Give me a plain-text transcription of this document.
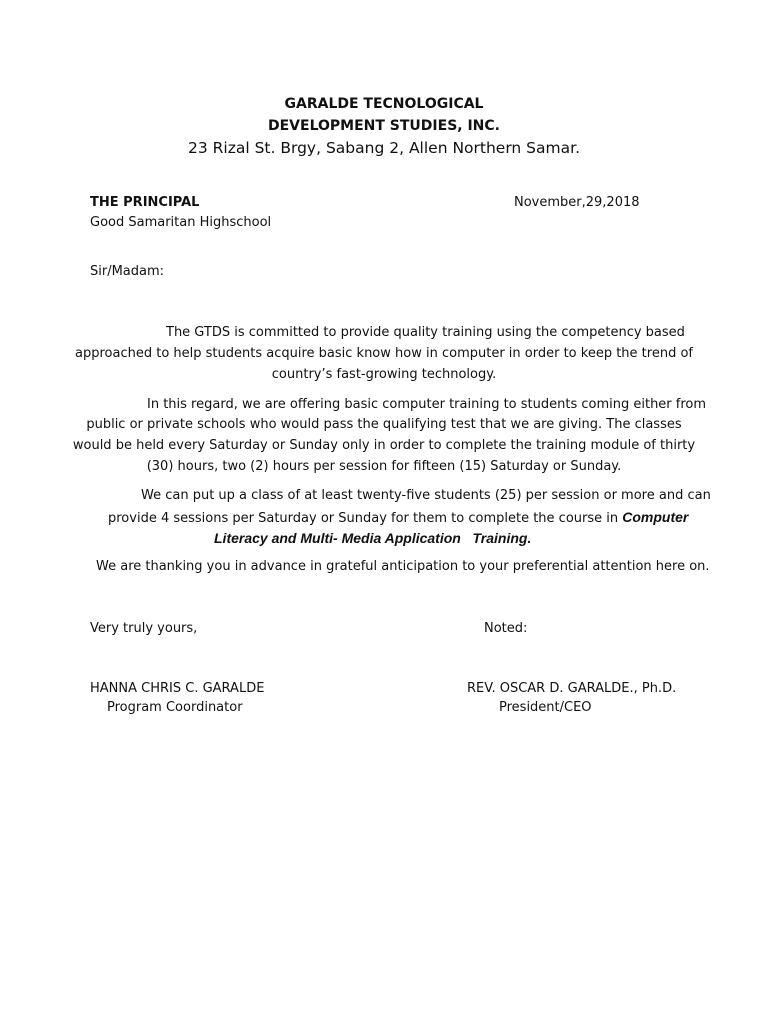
GARALDE TECNOLOGICAL
DEVELOPMENT STUDIES, INC.
23 Rizal St. Brgy, Sabang 2, Allen Northern Samar.
THE PRINCIPAL	November,29,2018
Good Samaritan Highschool
Sir/Madam:
The GTDS is committed to provide quality training using the competency based
approached to help students acquire basic know how in computer in order to keep the trend of
country’s fast-growing technology.
In this regard, we are offering basic computer training to students coming either from
public or private schools who would pass the qualifying test that we are giving. The classes
would be held every Saturday or Sunday only in order to complete the training module of thirty
(30) hours, two (2) hours per session for fifteen (15) Saturday or Sunday.
We can put up a class of at least twenty-five students (25) per session or more and can
provide 4 sessions per Saturday or Sunday for them to complete the course in Computer
Literacy and Multi- Media Application   Training.
We are thanking you in advance in grateful anticipation to your preferential attention here on.
Very truly yours,	Noted:
HANNA CHRIS C. GARALDE
Program Coordinator
REV. OSCAR D. GARALDE., Ph.D.
President/CEO
